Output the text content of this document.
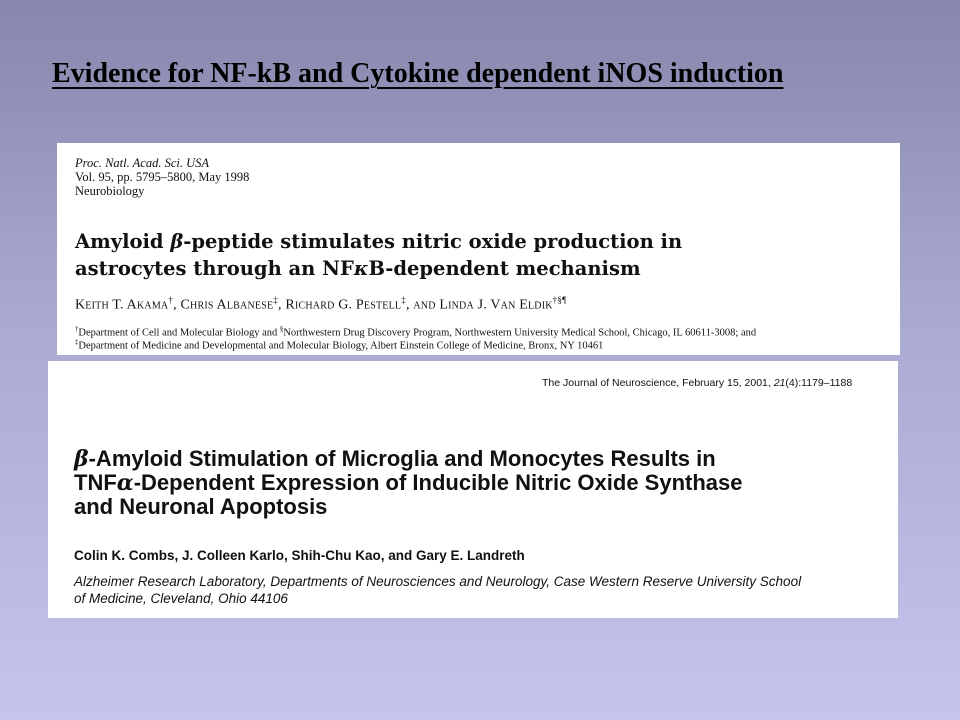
Evidence for NF-kB and Cytokine dependent iNOS induction
Proc. Natl. Acad. Sci. USA
Vol. 95, pp. 5795–5800, May 1998
Neurobiology
Amyloid β-peptide stimulates nitric oxide production in
astrocytes through an NFκB-dependent mechanism
Keith T. Akama†, Chris Albanese‡, Richard G. Pestell‡, and Linda J. Van Eldik†§¶
†Department of Cell and Molecular Biology and §Northwestern Drug Discovery Program, Northwestern University Medical School, Chicago, IL 60611-3008; and
‡Department of Medicine and Developmental and Molecular Biology, Albert Einstein College of Medicine, Bronx, NY 10461
The Journal of Neuroscience, February 15, 2001, 21(4):1179–1188
β-Amyloid Stimulation of Microglia and Monocytes Results in
TNFα-Dependent Expression of Inducible Nitric Oxide Synthase
and Neuronal Apoptosis
Colin K. Combs, J. Colleen Karlo, Shih-Chu Kao, and Gary E. Landreth
Alzheimer Research Laboratory, Departments of Neurosciences and Neurology, Case Western Reserve University School
of Medicine, Cleveland, Ohio 44106
